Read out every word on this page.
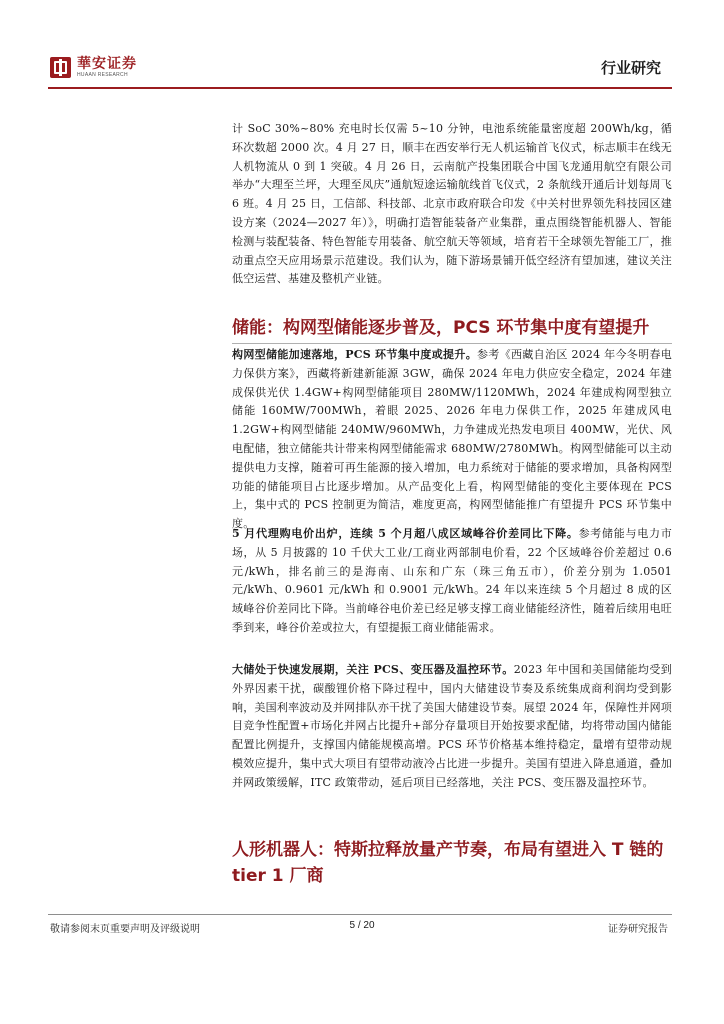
華安证券
HUAAN RESEARCH	行业研究

计 SoC 30%~80% 充电时长仅需 5~10 分钟，电池系统能量密度超 200Wh/kg，循环次数超 2000 次。4 月 27 日，顺丰在西安举行无人机运输首飞仪式，标志顺丰在线无人机物流从 0 到 1 突破。4 月 26 日，云南航产投集团联合中国飞龙通用航空有限公司举办“大理至兰坪，大理至凤庆”通航短途运输航线首飞仪式，2 条航线开通后计划每周飞 6 班。4 月 25 日，工信部、科技部、北京市政府联合印发《中关村世界领先科技园区建设方案（2024—2027 年）》，明确打造智能装备产业集群，重点围绕智能机器人、智能检测与装配装备、特色智能专用装备、航空航天等领域，培育若干全球领先智能工厂，推动重点空天应用场景示范建设。我们认为，随下游场景铺开低空经济有望加速，建议关注低空运营、基建及整机产业链。

储能：构网型储能逐步普及，PCS 环节集中度有望提升

构网型储能加速落地，PCS 环节集中度或提升。参考《西藏自治区 2024 年今冬明春电力保供方案》，西藏将新建新能源 3GW，确保 2024 年电力供应安全稳定，2024 年建成保供光伏 1.4GW+构网型储能项目 280MW/1120MWh，2024 年建成构网型独立储能 160MW/700MWh，着眼 2025、2026 年电力保供工作，2025 年建成风电 1.2GW+构网型储能 240MW/960MWh，力争建成光热发电项目 400MW，光伏、风电配储，独立储能共计带来构网型储能需求 680MW/2780MWh。构网型储能可以主动提供电力支撑，随着可再生能源的接入增加，电力系统对于储能的要求增加，具备构网型功能的储能项目占比逐步增加。从产品变化上看，构网型储能的变化主要体现在 PCS 上，集中式的 PCS 控制更为简洁，难度更高，构网型储能推广有望提升 PCS 环节集中度。

5 月代理购电价出炉，连续 5 个月超八成区域峰谷价差同比下降。参考储能与电力市场，从 5 月披露的 10 千伏大工业/工商业两部制电价看，22 个区域峰谷价差超过 0.6 元/kWh，排名前三的是海南、山东和广东（珠三角五市），价差分别为 1.0501 元/kWh、0.9601 元/kWh 和 0.9001 元/kWh。24 年以来连续 5 个月超过 8 成的区域峰谷价差同比下降。当前峰谷电价差已经足够支撑工商业储能经济性，随着后续用电旺季到来，峰谷价差或拉大，有望提振工商业储能需求。

大储处于快速发展期，关注 PCS、变压器及温控环节。2023 年中国和美国储能均受到外界因素干扰，碳酸锂价格下降过程中，国内大储建设节奏及系统集成商利润均受到影响，美国利率波动及并网排队亦干扰了美国大储建设节奏。展望 2024 年，保障性并网项目竞争性配置+市场化并网占比提升+部分存量项目开始按要求配储，均将带动国内储能配置比例提升，支撑国内储能规模高增。PCS 环节价格基本维持稳定，量增有望带动规模效应提升，集中式大项目有望带动液冷占比进一步提升。美国有望进入降息通道，叠加并网政策缓解，ITC 政策带动，延后项目已经落地，关注 PCS、变压器及温控环节。

人形机器人：特斯拉释放量产节奏，布局有望进入 T 链的 tier 1 厂商
敬请参阅末页重要声明及评级说明	5 / 20	证券研究报告
